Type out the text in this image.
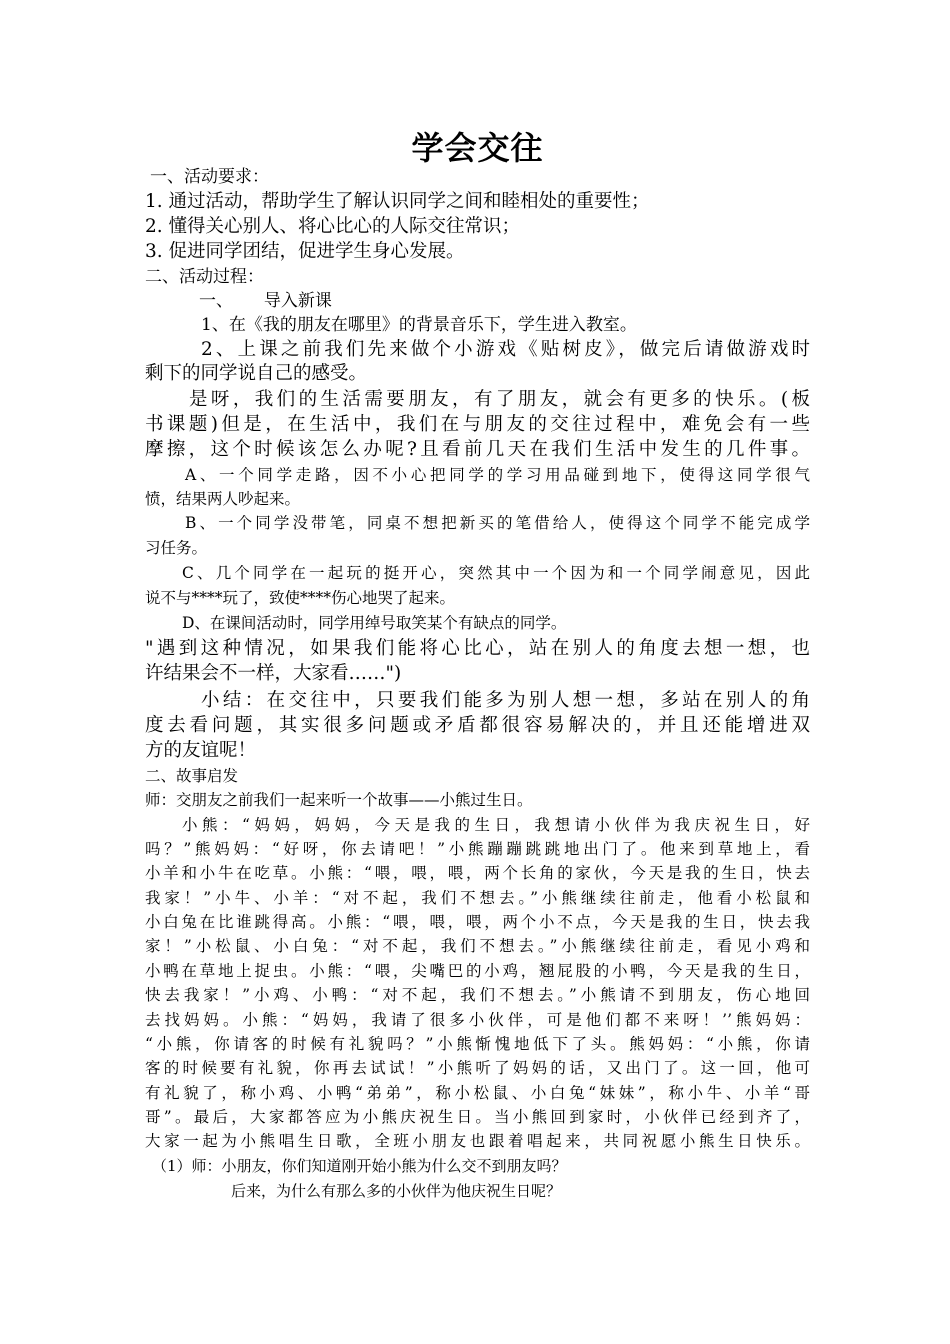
学会交往
一、活动要求：
1. 通过活动，帮助学生了解认识同学之间和睦相处的重要性；
2. 懂得关心别人、将心比心的人际交往常识；
3. 促进同学团结，促进学生身心发展。
二、活动过程：
一、　　 导入新课
1、在《我的朋友在哪里》的背景音乐下，学生进入教室。
2、上课之前我们先来做个小游戏《贴树皮》，做完后请做游戏时
剩下的同学说自己的感受。
是呀，我们的生活需要朋友，有了朋友，就会有更多的快乐。(板
书课题)但是，在生活中，我们在与朋友的交往过程中，难免会有一些
摩擦，这个时候该怎么办呢?且看前几天在我们生活中发生的几件事。
A、一个同学走路，因不小心把同学的学习用品碰到地下，使得这同学很气
愤，结果两人吵起来。
B、一个同学没带笔，同桌不想把新买的笔借给人，使得这个同学不能完成学
习任务。
C、几个同学在一起玩的挺开心，突然其中一个因为和一个同学闹意见，因此
说不与****玩了，致使****伤心地哭了起来。
D、在课间活动时，同学用绰号取笑某个有缺点的同学。
"遇到这种情况，如果我们能将心比心，站在别人的角度去想一想，也
许结果会不一样，大家看……")
小结：在交往中，只要我们能多为别人想一想，多站在别人的角
度去看问题，其实很多问题或矛盾都很容易解决的，并且还能增进双
方的友谊呢！
二、故事启发
师：交朋友之前我们一起来听一个故事——小熊过生日。
小熊：“妈妈，妈妈，今天是我的生日，我想请小伙伴为我庆祝生日，好
吗？”熊妈妈：“好呀，你去请吧！”小熊蹦蹦跳跳地出门了。他来到草地上，看
小羊和小牛在吃草。小熊：“喂，喂，喂，两个长角的家伙，今天是我的生日，快去
我家！”小牛、小羊：“对不起，我们不想去。”小熊继续往前走，他看小松鼠和
小白兔在比谁跳得高。小熊：“喂，喂，喂，两个小不点，今天是我的生日，快去我
家！”小松鼠、小白兔：“对不起，我们不想去。”小熊继续往前走，看见小鸡和
小鸭在草地上捉虫。小熊：“喂，尖嘴巴的小鸡，翘屁股的小鸭，今天是我的生日，
快去我家！”小鸡、小鸭：“对不起，我们不想去。”小熊请不到朋友，伤心地回
去找妈妈。小熊：“妈妈，我请了很多小伙伴，可是他们都不来呀！’’熊妈妈：
“小熊，你请客的时候有礼貌吗？”小熊惭愧地低下了头。熊妈妈：“小熊，你请
客的时候要有礼貌，你再去试试！”小熊听了妈妈的话，又出门了。这一回，他可
有礼貌了，称小鸡、小鸭“弟弟”，称小松鼠、小白兔“妹妹”，称小牛、小羊“哥
哥”。最后，大家都答应为小熊庆祝生日。当小熊回到家时，小伙伴已经到齐了，
大家一起为小熊唱生日歌，全班小朋友也跟着唱起来，共同祝愿小熊生日快乐。
（1）师：小朋友，你们知道刚开始小熊为什么交不到朋友吗？
后来，为什么有那么多的小伙伴为他庆祝生日呢？
